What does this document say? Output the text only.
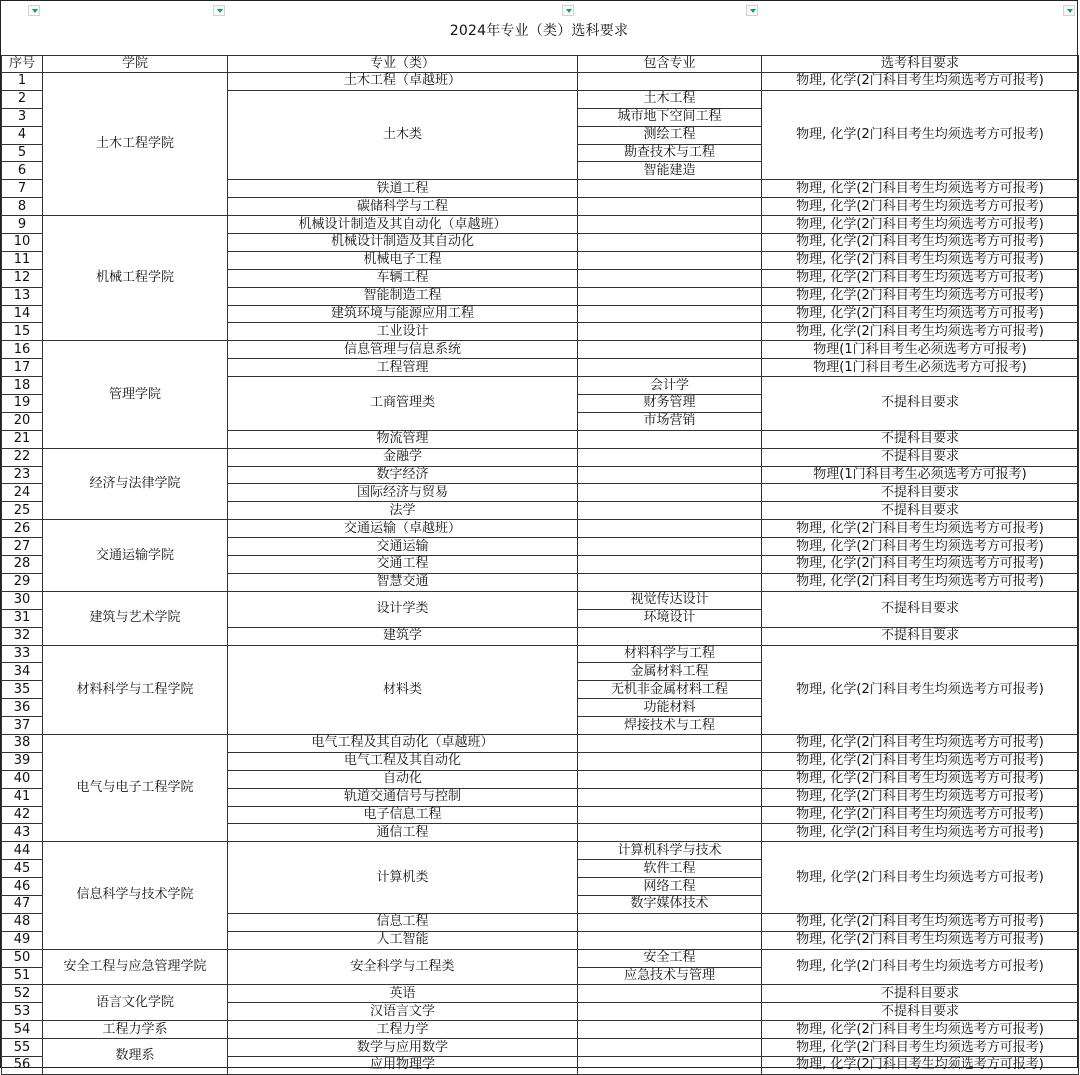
2024年专业（类）选科要求
序号	学院	专业（类）	包含专业	选考科目要求
1	土木工程学院	土木工程（卓越班）		物理, 化学(2门科目考生均须选考方可报考)
2		土木类	土木工程	物理, 化学(2门科目考生均须选考方可报考)
3			城市地下空间工程	
4			测绘工程	
5			勘查技术与工程	
6			智能建造	
7		铁道工程		物理, 化学(2门科目考生均须选考方可报考)
8		碳储科学与工程		物理, 化学(2门科目考生均须选考方可报考)
9	机械工程学院	机械设计制造及其自动化（卓越班）		物理, 化学(2门科目考生均须选考方可报考)
10		机械设计制造及其自动化		物理, 化学(2门科目考生均须选考方可报考)
11		机械电子工程		物理, 化学(2门科目考生均须选考方可报考)
12		车辆工程		物理, 化学(2门科目考生均须选考方可报考)
13		智能制造工程		物理, 化学(2门科目考生均须选考方可报考)
14		建筑环境与能源应用工程		物理, 化学(2门科目考生均须选考方可报考)
15		工业设计		物理, 化学(2门科目考生均须选考方可报考)
16	管理学院	信息管理与信息系统		物理(1门科目考生必须选考方可报考)
17		工程管理		物理(1门科目考生必须选考方可报考)
18		工商管理类	会计学	不提科目要求
19			财务管理	
20			市场营销	
21		物流管理		不提科目要求
22	经济与法律学院	金融学		不提科目要求
23		数字经济		物理(1门科目考生必须选考方可报考)
24		国际经济与贸易		不提科目要求
25		法学		不提科目要求
26	交通运输学院	交通运输（卓越班）		物理, 化学(2门科目考生均须选考方可报考)
27		交通运输		物理, 化学(2门科目考生均须选考方可报考)
28		交通工程		物理, 化学(2门科目考生均须选考方可报考)
29		智慧交通		物理, 化学(2门科目考生均须选考方可报考)
30	建筑与艺术学院	设计学类	视觉传达设计	不提科目要求
31			环境设计	
32		建筑学		不提科目要求
33	材料科学与工程学院	材料类	材料科学与工程	物理, 化学(2门科目考生均须选考方可报考)
34			金属材料工程	
35			无机非金属材料工程	
36			功能材料	
37			焊接技术与工程	
38	电气与电子工程学院	电气工程及其自动化（卓越班）		物理, 化学(2门科目考生均须选考方可报考)
39		电气工程及其自动化		物理, 化学(2门科目考生均须选考方可报考)
40		自动化		物理, 化学(2门科目考生均须选考方可报考)
41		轨道交通信号与控制		物理, 化学(2门科目考生均须选考方可报考)
42		电子信息工程		物理, 化学(2门科目考生均须选考方可报考)
43		通信工程		物理, 化学(2门科目考生均须选考方可报考)
44	信息科学与技术学院	计算机类	计算机科学与技术	物理, 化学(2门科目考生均须选考方可报考)
45			软件工程	
46			网络工程	
47			数字媒体技术	
48		信息工程		物理, 化学(2门科目考生均须选考方可报考)
49		人工智能		物理, 化学(2门科目考生均须选考方可报考)
50	安全工程与应急管理学院	安全科学与工程类	安全工程	物理, 化学(2门科目考生均须选考方可报考)
51			应急技术与管理	
52	语言文化学院	英语		不提科目要求
53		汉语言文学		不提科目要求
54	工程力学系	工程力学		物理, 化学(2门科目考生均须选考方可报考)
55	数理系	数学与应用数学		物理, 化学(2门科目考生均须选考方可报考)
56		应用物理学		物理, 化学(2门科目考生均须选考方可报考)
